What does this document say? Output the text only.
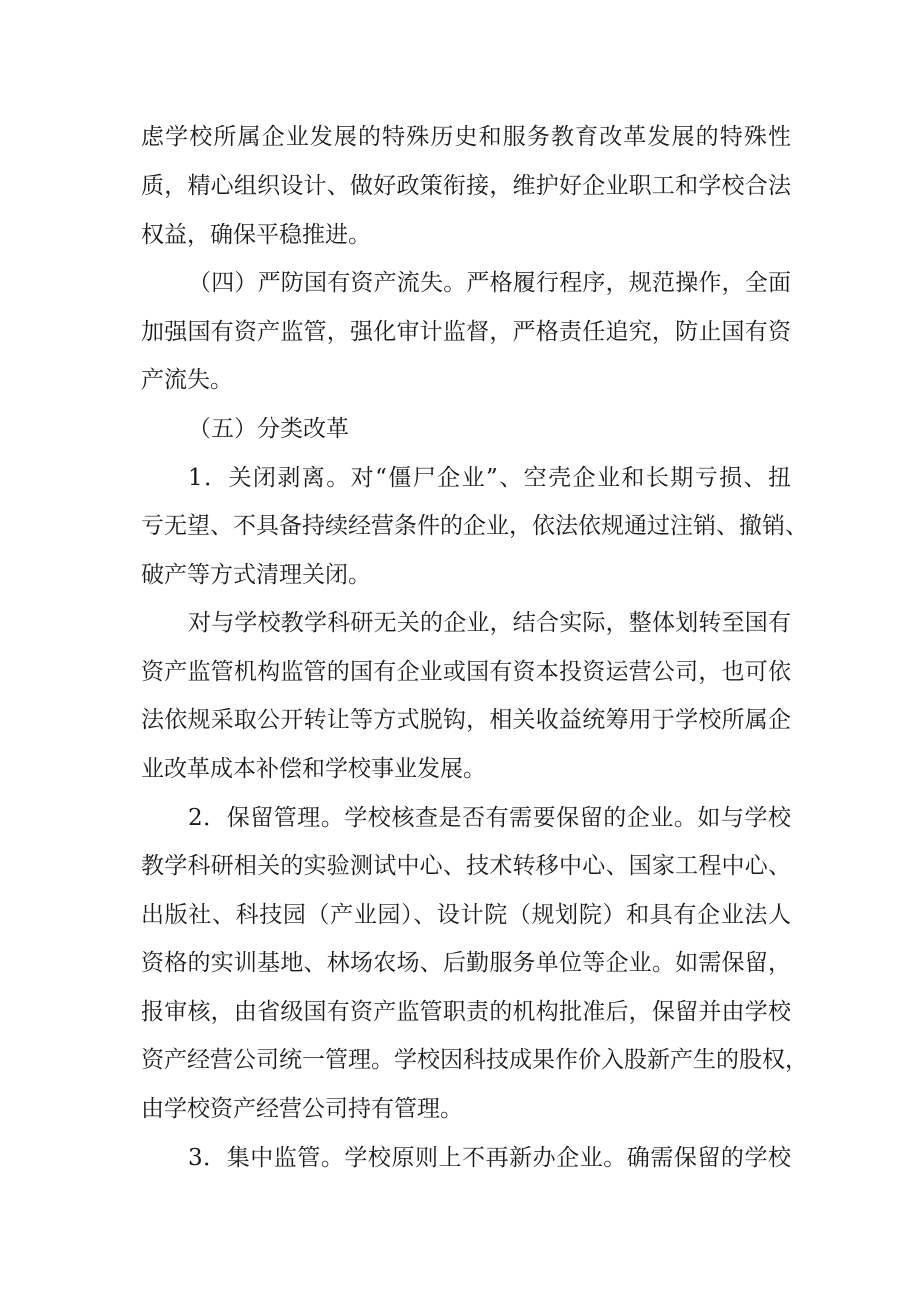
虑学校所属企业发展的特殊历史和服务教育改革发展的特殊性
质，精心组织设计、做好政策衔接，维护好企业职工和学校合法
权益，确保平稳推进。
（四）严防国有资产流失。严格履行程序，规范操作，全面
加强国有资产监管，强化审计监督，严格责任追究，防止国有资
产流失。
（五）分类改革
1．关闭剥离。对“僵尸企业”、空壳企业和长期亏损、扭
亏无望、不具备持续经营条件的企业，依法依规通过注销、撤销、
破产等方式清理关闭。
对与学校教学科研无关的企业，结合实际，整体划转至国有
资产监管机构监管的国有企业或国有资本投资运营公司，也可依
法依规采取公开转让等方式脱钩，相关收益统筹用于学校所属企
业改革成本补偿和学校事业发展。
2．保留管理。学校核查是否有需要保留的企业。如与学校
教学科研相关的实验测试中心、技术转移中心、国家工程中心、
出版社、科技园（产业园）、设计院（规划院）和具有企业法人
资格的实训基地、林场农场、后勤服务单位等企业。如需保留，
报审核，由省级国有资产监管职责的机构批准后，保留并由学校
资产经营公司统一管理。学校因科技成果作价入股新产生的股权，
由学校资产经营公司持有管理。
3．集中监管。学校原则上不再新办企业。确需保留的学校
